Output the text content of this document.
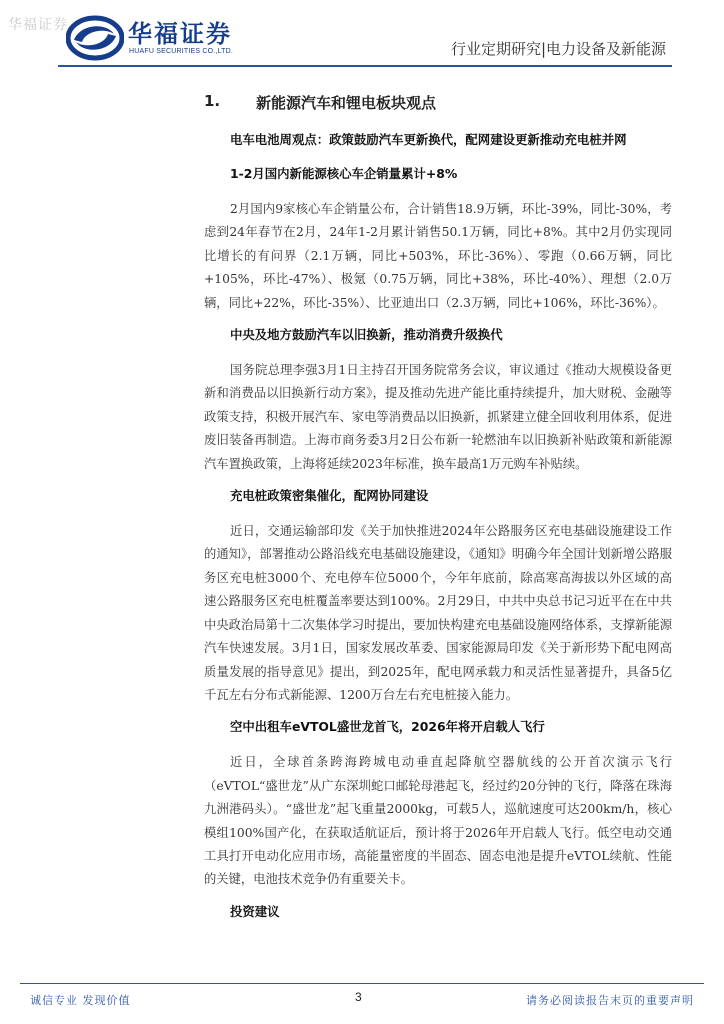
华福证券	华福证券
HUAFU SECURITIES CO.,LTD.	行业定期研究|电力设备及新能源
1.	新能源汽车和锂电板块观点
电车电池周观点：政策鼓励汽车更新换代，配网建设更新推动充电桩并网
1-2月国内新能源核心车企销量累计+8%
2月国内9家核心车企销量公布，合计销售18.9万辆，环比-39%，同比-30%，考虑到24年春节在2月，24年1-2月累计销售50.1万辆，同比+8%。其中2月仍实现同比增长的有问界（2.1万辆，同比+503%，环比-36%）、零跑（0.66万辆，同比+105%，环比-47%）、极氪（0.75万辆，同比+38%，环比-40%）、理想（2.0万辆，同比+22%，环比-35%）、比亚迪出口（2.3万辆，同比+106%，环比-36%）。
中央及地方鼓励汽车以旧换新，推动消费升级换代
国务院总理李强3月1日主持召开国务院常务会议，审议通过《推动大规模设备更新和消费品以旧换新行动方案》，提及推动先进产能比重持续提升，加大财税、金融等政策支持，积极开展汽车、家电等消费品以旧换新，抓紧建立健全回收利用体系，促进废旧装备再制造。上海市商务委3月2日公布新一轮燃油车以旧换新补贴政策和新能源汽车置换政策，上海将延续2023年标准，换车最高1万元购车补贴续。
充电桩政策密集催化，配网协同建设
近日，交通运输部印发《关于加快推进2024年公路服务区充电基础设施建设工作的通知》，部署推动公路沿线充电基础设施建设，《通知》明确今年全国计划新增公路服务区充电桩3000个、充电停车位5000个，今年年底前，除高寒高海拔以外区域的高速公路服务区充电桩覆盖率要达到100%。2月29日，中共中央总书记习近平在在中共中央政治局第十二次集体学习时提出，要加快构建充电基础设施网络体系，支撑新能源汽车快速发展。3月1日，国家发展改革委、国家能源局印发《关于新形势下配电网高质量发展的指导意见》提出，到2025年，配电网承载力和灵活性显著提升，具备5亿千瓦左右分布式新能源、1200万台左右充电桩接入能力。
空中出租车eVTOL盛世龙首飞，2026年将开启载人飞行
近日，全球首条跨海跨城电动垂直起降航空器航线的公开首次演示飞行（eVTOL“盛世龙”从广东深圳蛇口邮轮母港起飞，经过约20分钟的飞行，降落在珠海九洲港码头）。“盛世龙”起飞重量2000kg，可载5人，巡航速度可达200km/h，核心模组100%国产化，在获取适航证后，预计将于2026年开启载人飞行。低空电动交通工具打开电动化应用市场，高能量密度的半固态、固态电池是提升eVTOL续航、性能的关键，电池技术竞争仍有重要关卡。
投资建议
诚信专业 发现价值	3	请务必阅读报告末页的重要声明
